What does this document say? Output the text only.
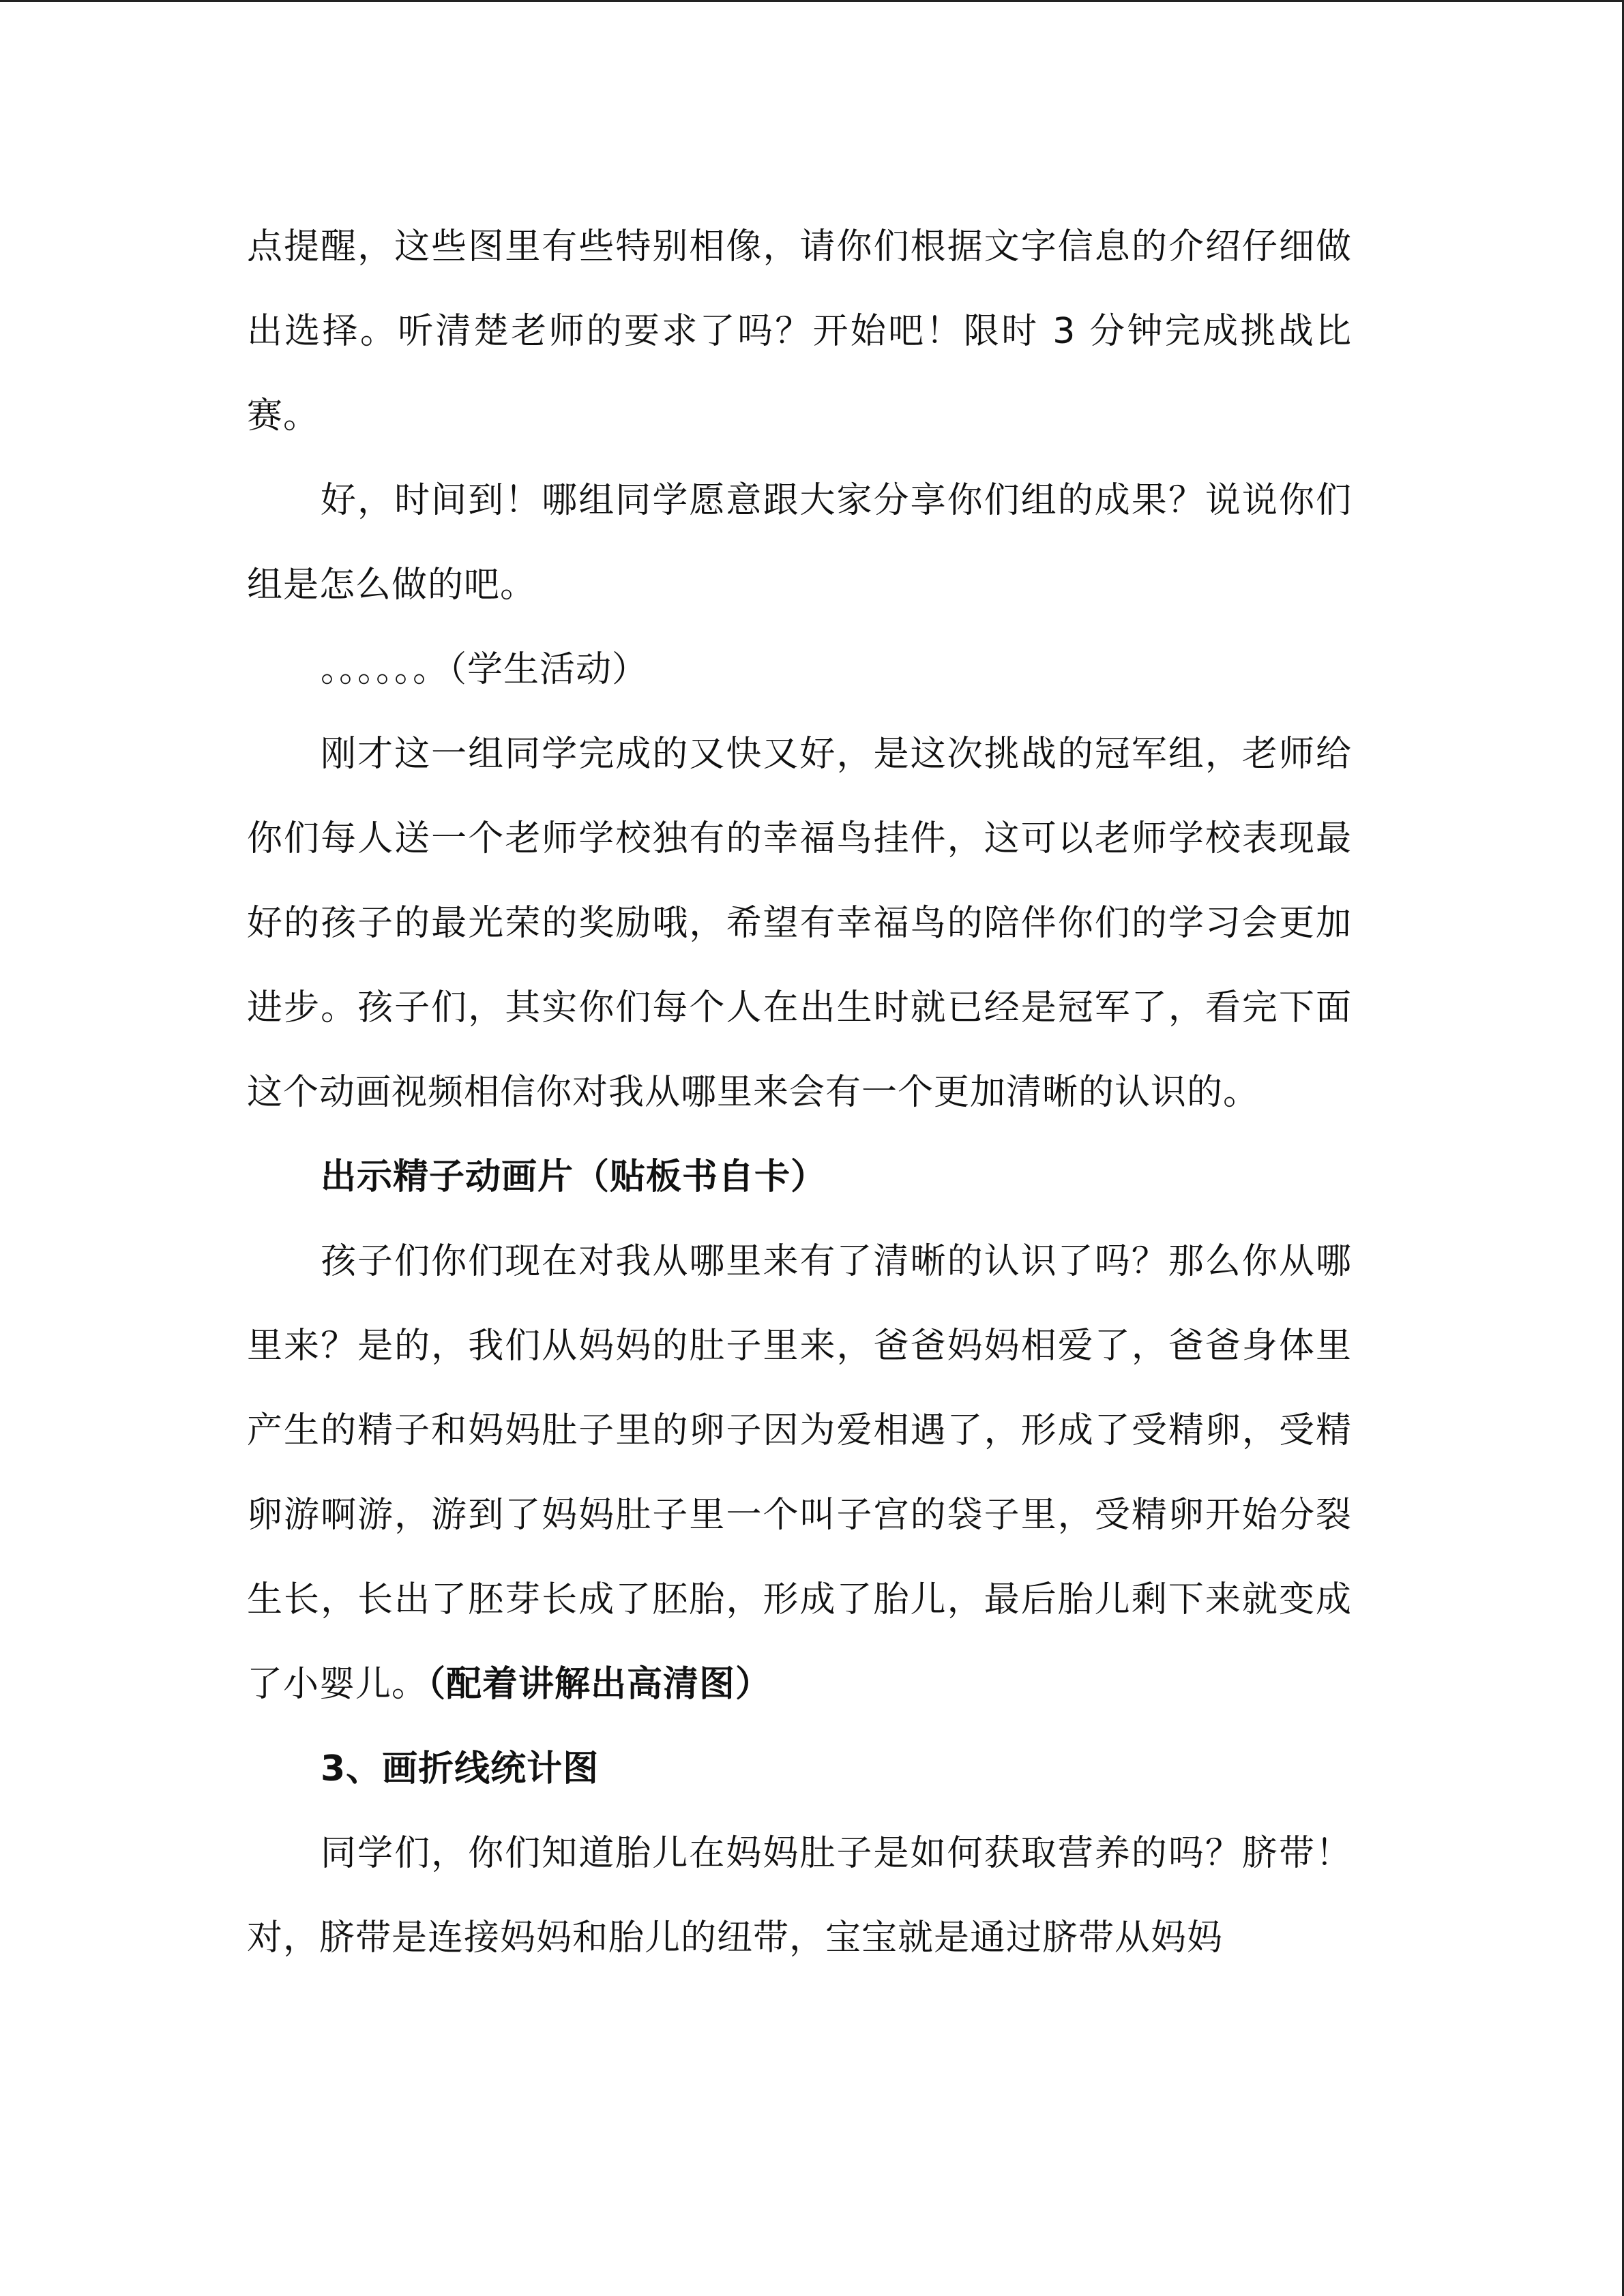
点提醒，这些图里有些特别相像，请你们根据文字信息的介绍仔细做出选择。听清楚老师的要求了吗？开始吧！限时 3 分钟完成挑战比赛。

好，时间到！哪组同学愿意跟大家分享你们组的成果？说说你们组是怎么做的吧。

。。。。。。（学生活动）

刚才这一组同学完成的又快又好，是这次挑战的冠军组，老师给你们每人送一个老师学校独有的幸福鸟挂件，这可以老师学校表现最好的孩子的最光荣的奖励哦，希望有幸福鸟的陪伴你们的学习会更加进步。孩子们，其实你们每个人在出生时就已经是冠军了，看完下面这个动画视频相信你对我从哪里来会有一个更加清晰的认识的。

出示精子动画片（贴板书自卡）

孩子们你们现在对我从哪里来有了清晰的认识了吗？那么你从哪里来？是的，我们从妈妈的肚子里来，爸爸妈妈相爱了，爸爸身体里产生的精子和妈妈肚子里的卵子因为爱相遇了，形成了受精卵，受精卵游啊游，游到了妈妈肚子里一个叫子宫的袋子里，受精卵开始分裂生长，长出了胚芽长成了胚胎，形成了胎儿，最后胎儿剩下来就变成了小婴儿。（配着讲解出高清图）

3、画折线统计图

同学们，你们知道胎儿在妈妈肚子是如何获取营养的吗？脐带！对，脐带是连接妈妈和胎儿的纽带，宝宝就是通过脐带从妈妈
